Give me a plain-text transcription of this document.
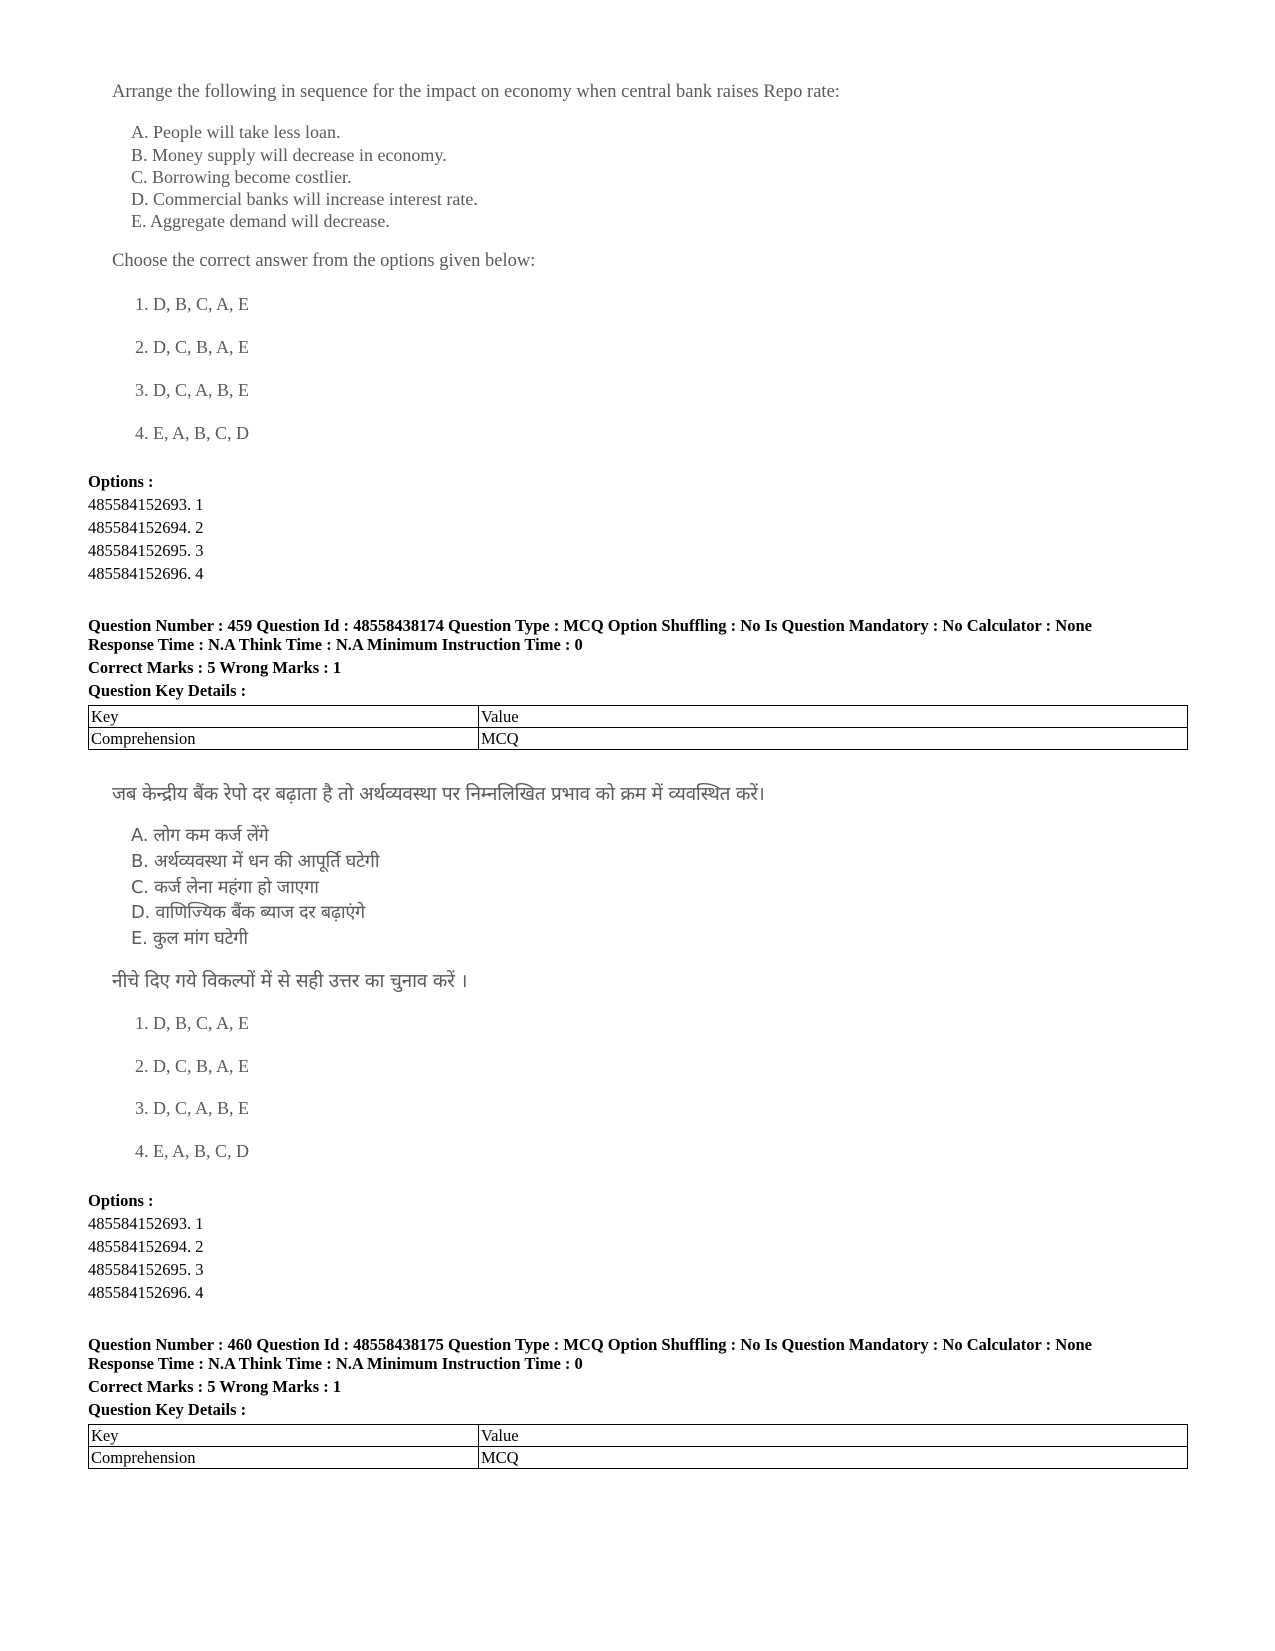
Arrange the following in sequence for the impact on economy when central bank raises Repo rate:
A. People will take less loan.
B. Money supply will decrease in economy.
C. Borrowing become costlier.
D. Commercial banks will increase interest rate.
E. Aggregate demand will decrease.
Choose the correct answer from the options given below:
1. D, B, C, A, E
2. D, C, B, A, E
3. D, C, A, B, E
4. E, A, B, C, D
Options :
485584152693. 1
485584152694. 2
485584152695. 3
485584152696. 4
Question Number : 459 Question Id : 48558438174 Question Type : MCQ Option Shuffling : No Is Question Mandatory : No Calculator : None
Response Time : N.A Think Time : N.A Minimum Instruction Time : 0
Correct Marks : 5 Wrong Marks : 1
Question Key Details :
Key	Value
Comprehension	MCQ
जब केन्द्रीय बैंक रेपो दर बढ़ाता है तो अर्थव्यवस्था पर निम्नलिखित प्रभाव को क्रम में व्यवस्थित करें।
A. लोग कम कर्ज लेंगे
B. अर्थव्यवस्था में धन की आपूर्ति घटेगी
C. कर्ज लेना महंगा हो जाएगा
D. वाणिज्यिक बैंक ब्याज दर बढ़ाएंगे
E. कुल मांग घटेगी
नीचे दिए गये विकल्पों में से सही उत्तर का चुनाव करें ।
1. D, B, C, A, E
2. D, C, B, A, E
3. D, C, A, B, E
4. E, A, B, C, D
Options :
485584152693. 1
485584152694. 2
485584152695. 3
485584152696. 4
Question Number : 460 Question Id : 48558438175 Question Type : MCQ Option Shuffling : No Is Question Mandatory : No Calculator : None
Response Time : N.A Think Time : N.A Minimum Instruction Time : 0
Correct Marks : 5 Wrong Marks : 1
Question Key Details :
Key	Value
Comprehension	MCQ
